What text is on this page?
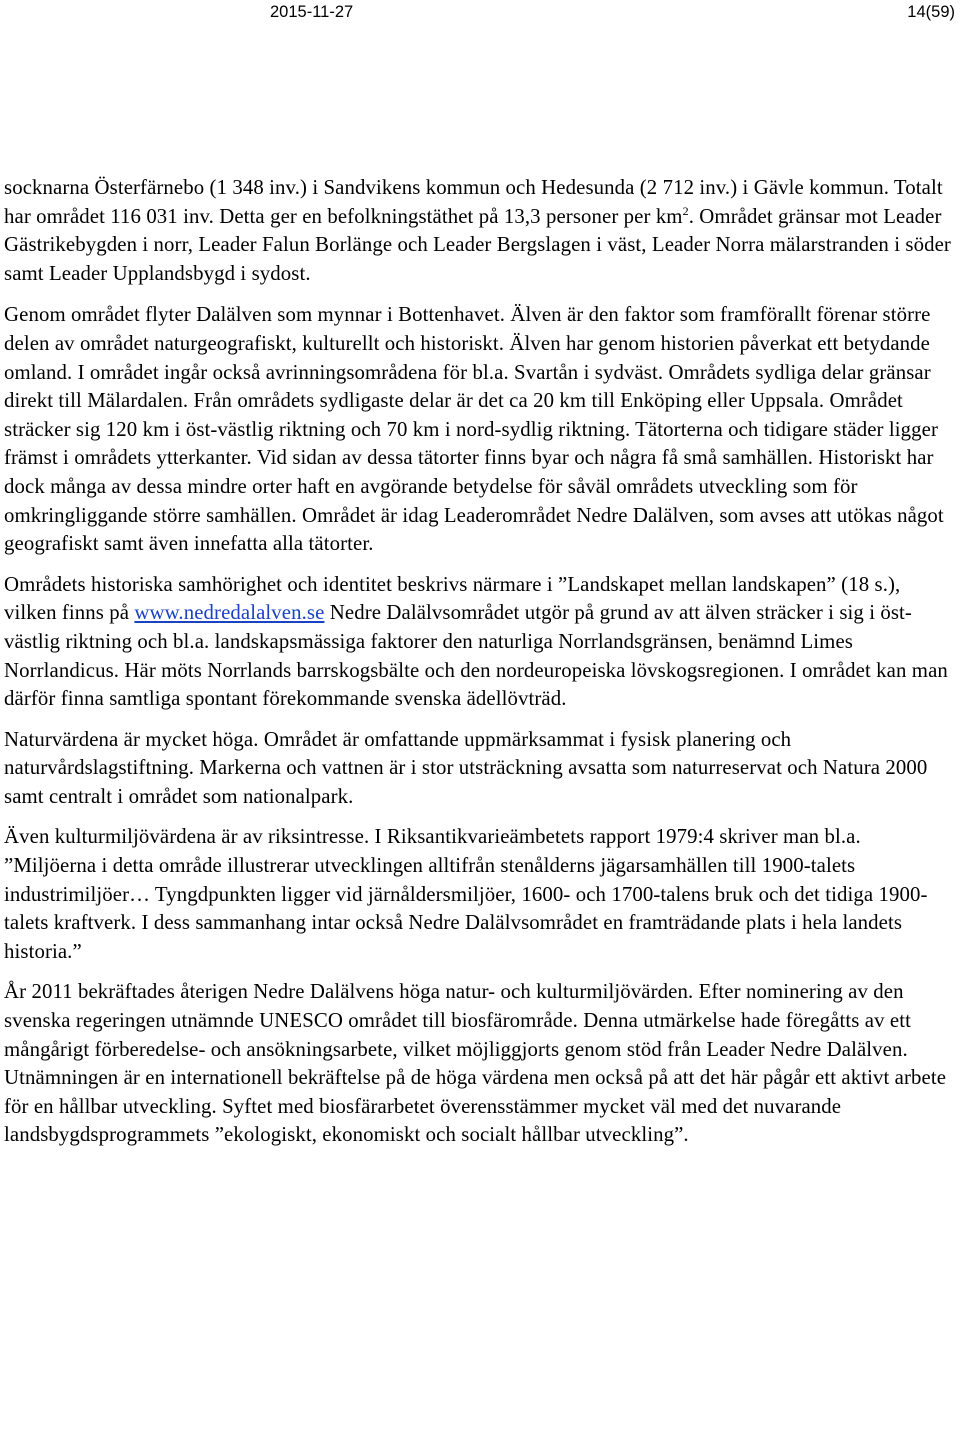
2015-11-27	14(59)

socknarna Österfärnebo (1 348 inv.) i Sandvikens kommun och Hedesunda (2 712 inv.) i Gävle kommun. Totalt har området 116 031 inv. Detta ger en befolkningstäthet på 13,3 personer per $km^2$. Området gränsar mot Leader Gästrikebygden i norr, Leader Falun Borlänge och Leader Bergslagen i väst, Leader Norra mälarstranden i söder samt Leader Upplandsbygd i sydost.

Genom området flyter Dalälven som mynnar i Bottenhavet. Älven är den faktor som framförallt förenar större delen av området naturgeografiskt, kulturellt och historiskt. Älven har genom historien påverkat ett betydande omland. I området ingår också avrinningsområdena för bl.a. Svartån i sydväst. Områdets sydliga delar gränsar direkt till Mälardalen. Från områdets sydligaste delar är det ca 20 km till Enköping eller Uppsala. Området sträcker sig 120 km i öst-västlig riktning och 70 km i nord-sydlig riktning. Tätorterna och tidigare städer ligger främst i områdets ytterkanter. Vid sidan av dessa tätorter finns byar och några få små samhällen. Historiskt har dock många av dessa mindre orter haft en avgörande betydelse för såväl områdets utveckling som för omkringliggande större samhällen. Området är idag Leaderområdet Nedre Dalälven, som avses att utökas något geografiskt samt även innefatta alla tätorter.

Områdets historiska samhörighet och identitet beskrivs närmare i ”Landskapet mellan landskapen” (18 s.), vilken finns på www.nedredalalven.se Nedre Dalälvsområdet utgör på grund av att älven sträcker i sig i öst-västlig riktning och bl.a. landskapsmässiga faktorer den naturliga Norrlandsgränsen, benämnd Limes Norrlandicus. Här möts Norrlands barrskogsbälte och den nordeuropeiska lövskogsregionen. I området kan man därför finna samtliga spontant förekommande svenska ädellövträd.

Naturvärdena är mycket höga. Området är omfattande uppmärksammat i fysisk planering och naturvårdslagstiftning. Markerna och vattnen är i stor utsträckning avsatta som naturreservat och Natura 2000 samt centralt i området som nationalpark.

Även kulturmiljövärdena är av riksintresse. I Riksantikvarieämbetets rapport 1979:4 skriver man bl.a. ”Miljöerna i detta område illustrerar utvecklingen alltifrån stenålderns jägarsamhällen till 1900-talets industrimiljöer… Tyngdpunkten ligger vid järnåldersmiljöer, 1600- och 1700-talens bruk och det tidiga 1900-talets kraftverk. I dess sammanhang intar också Nedre Dalälvsområdet en framträdande plats i hela landets historia.”

År 2011 bekräftades återigen Nedre Dalälvens höga natur- och kulturmiljövärden. Efter nominering av den svenska regeringen utnämnde UNESCO området till biosfärområde. Denna utmärkelse hade föregåtts av ett mångårigt förberedelse- och ansökningsarbete, vilket möjliggjorts genom stöd från Leader Nedre Dalälven. Utnämningen är en internationell bekräftelse på de höga värdena men också på att det här pågår ett aktivt arbete för en hållbar utveckling. Syftet med biosfärarbetet överensstämmer mycket väl med det nuvarande landsbygdsprogrammets ”ekologiskt, ekonomiskt och socialt hållbar utveckling”.
